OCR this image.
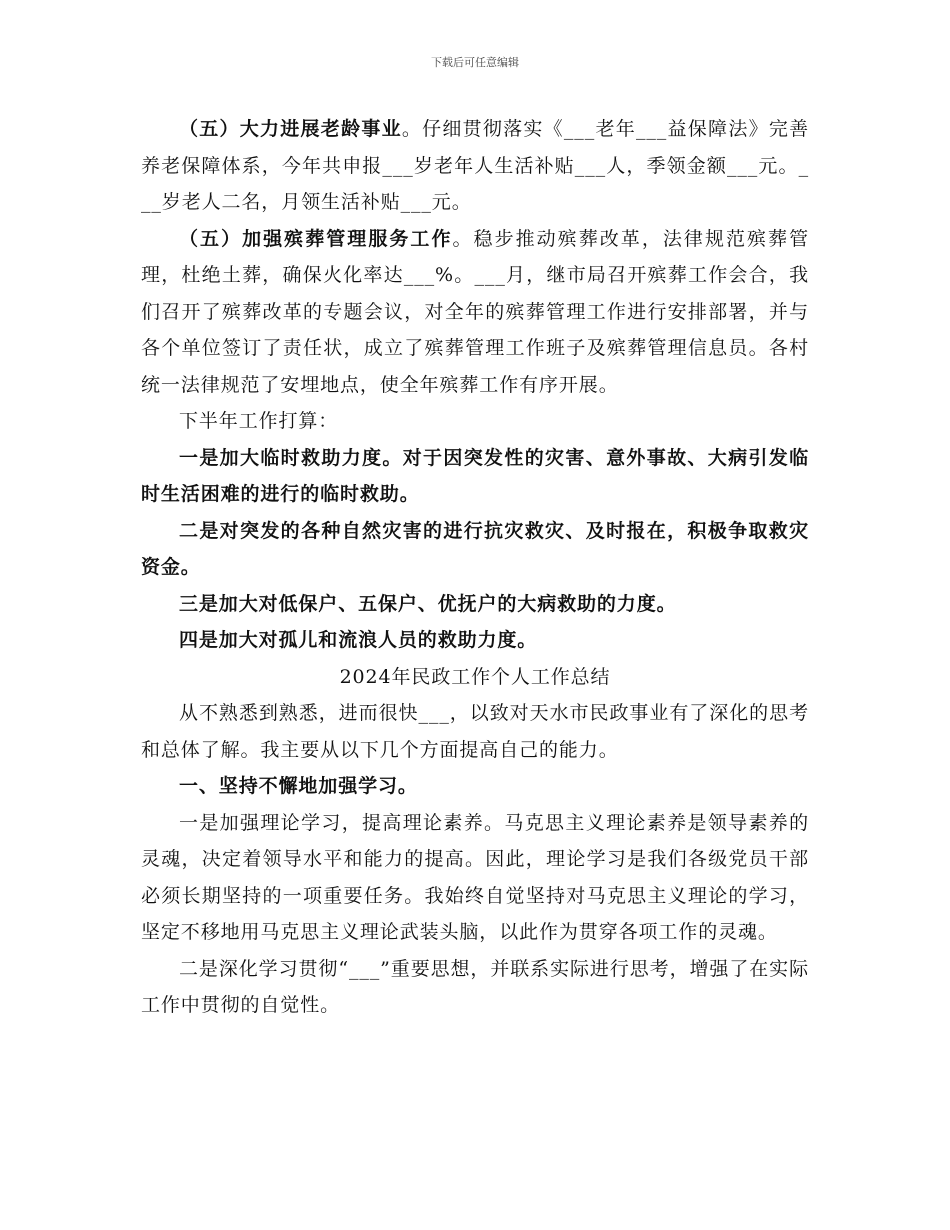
下载后可任意编辑

（五）大力进展老龄事业。仔细贯彻落实《___老年___益保障法》完善养老保障体系，今年共申报___岁老年人生活补贴___人，季领金额___元。___岁老人二名，月领生活补贴___元。

（五）加强殡葬管理服务工作。稳步推动殡葬改革，法律规范殡葬管理，杜绝土葬，确保火化率达___%。___月，继市局召开殡葬工作会合，我们召开了殡葬改革的专题会议，对全年的殡葬管理工作进行安排部署，并与各个单位签订了责任状，成立了殡葬管理工作班子及殡葬管理信息员。各村统一法律规范了安埋地点，使全年殡葬工作有序开展。

下半年工作打算：

一是加大临时救助力度。对于因突发性的灾害、意外事故、大病引发临时生活困难的进行的临时救助。

二是对突发的各种自然灾害的进行抗灾救灾、及时报在，积极争取救灾资金。

三是加大对低保户、五保户、优抚户的大病救助的力度。

四是加大对孤儿和流浪人员的救助力度。

2024年民政工作个人工作总结

从不熟悉到熟悉，进而很快___，以致对天水市民政事业有了深化的思考和总体了解。我主要从以下几个方面提高自己的能力。

一、坚持不懈地加强学习。

一是加强理论学习，提高理论素养。马克思主义理论素养是领导素养的灵魂，决定着领导水平和能力的提高。因此，理论学习是我们各级党员干部必须长期坚持的一项重要任务。我始终自觉坚持对马克思主义理论的学习，坚定不移地用马克思主义理论武装头脑，以此作为贯穿各项工作的灵魂。

二是深化学习贯彻“___”重要思想，并联系实际进行思考，增强了在实际工作中贯彻的自觉性。
